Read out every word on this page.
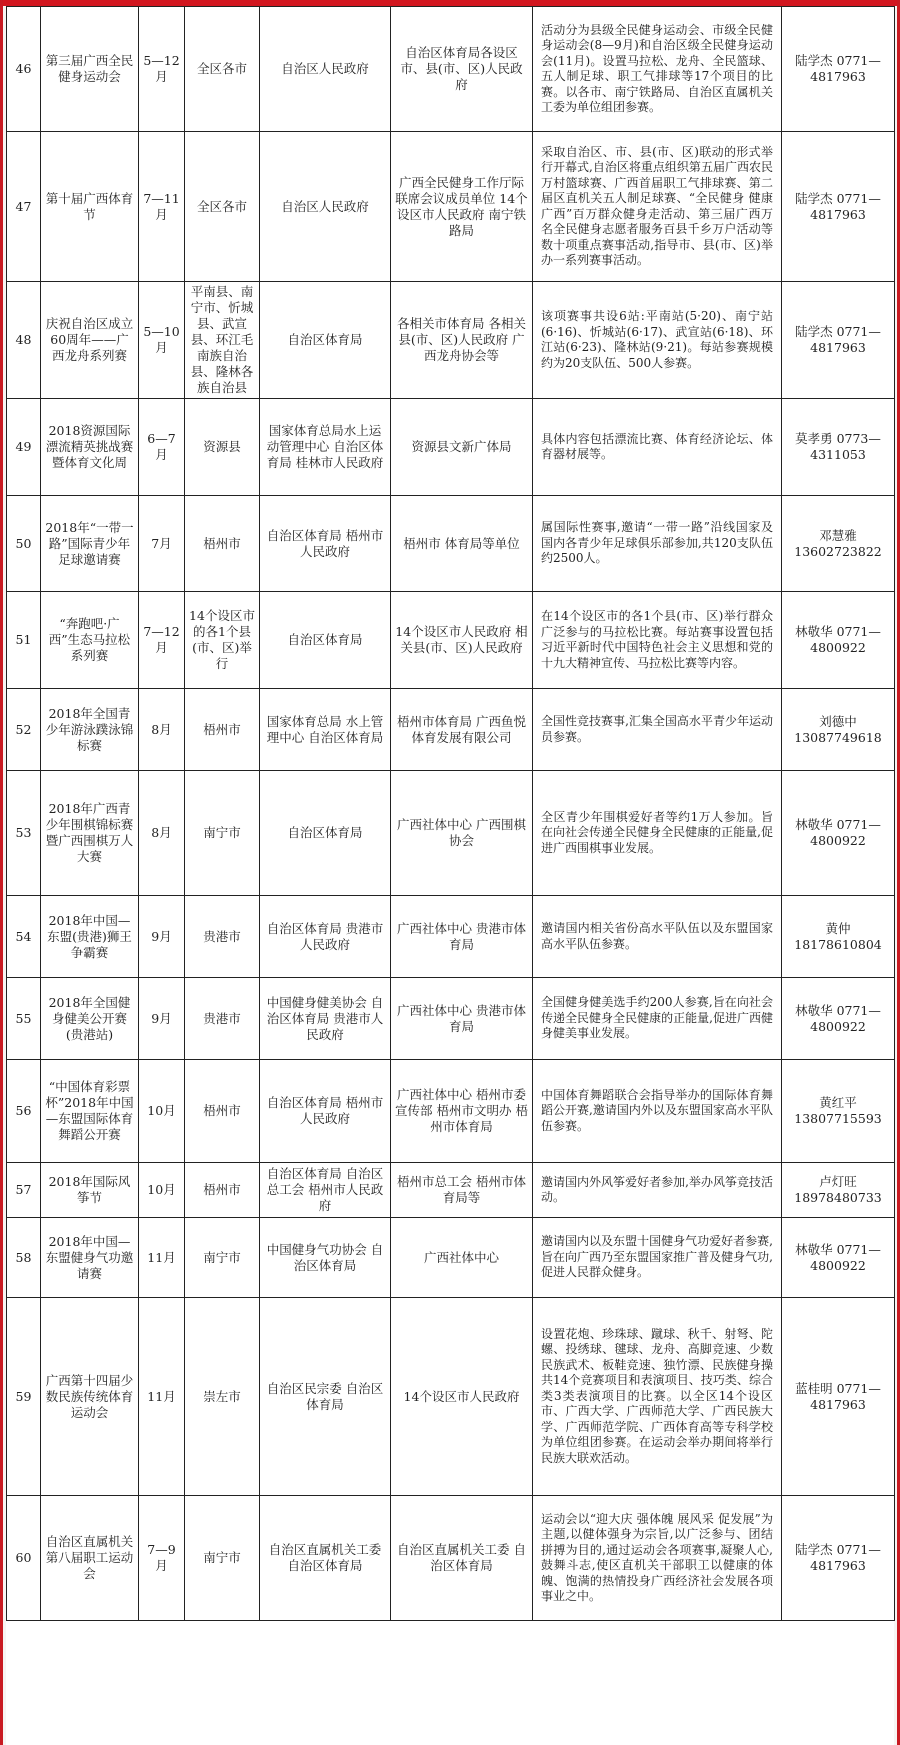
46	第三届广西全民健身运动会	5—12月	全区各市	自治区人民政府	自治区体育局各设区市、县(市、区)人民政府	活动分为县级全民健身运动会、市级全民健身运动会(8—9月)和自治区级全民健身运动会(11月)。设置马拉松、龙舟、全民篮球、五人制足球、职工气排球等17个项目的比赛。以各市、南宁铁路局、自治区直属机关工委为单位组团参赛。	陆学杰 0771—4817963
47	第十届广西体育节	7—11月	全区各市	自治区人民政府	广西全民健身工作厅际联席会议成员单位 14个设区市人民政府 南宁铁路局	采取自治区、市、县(市、区)联动的形式举行开幕式,自治区将重点组织第五届广西农民万村篮球赛、广西首届职工气排球赛、第二届区直机关五人制足球赛、“全民健身 健康广西”百万群众健身走活动、第三届广西万名全民健身志愿者服务百县千乡万户活动等数十项重点赛事活动,指导市、县(市、区)举办一系列赛事活动。	陆学杰 0771—4817963
48	庆祝自治区成立60周年——广西龙舟系列赛	5—10月	平南县、南宁市、忻城县、武宣县、环江毛南族自治县、隆林各族自治县	自治区体育局	各相关市体育局 各相关县(市、区)人民政府 广西龙舟协会等	该项赛事共设6站:平南站(5·20)、南宁站(6·16)、忻城站(6·17)、武宣站(6·18)、环江站(6·23)、隆林站(9·21)。每站参赛规模约为20支队伍、500人参赛。	陆学杰 0771—4817963
49	2018资源国际漂流精英挑战赛暨体育文化周	6—7月	资源县	国家体育总局水上运动管理中心 自治区体育局 桂林市人民政府	资源县文新广体局	具体内容包括漂流比赛、体育经济论坛、体育器材展等。	莫孝勇 0773—4311053
50	2018年“一带一路”国际青少年足球邀请赛	7月	梧州市	自治区体育局 梧州市人民政府	梧州市 体育局等单位	属国际性赛事,邀请“一带一路”沿线国家及国内各青少年足球俱乐部参加,共120支队伍约2500人。	邓慧雅 13602723822
51	“奔跑吧·广西”生态马拉松系列赛	7—12月	14个设区市的各1个县(市、区)举行	自治区体育局	14个设区市人民政府 相关县(市、区)人民政府	在14个设区市的各1个县(市、区)举行群众广泛参与的马拉松比赛。每站赛事设置包括习近平新时代中国特色社会主义思想和党的十九大精神宣传、马拉松比赛等内容。	林敬华 0771—4800922
52	2018年全国青少年游泳蹼泳锦标赛	8月	梧州市	国家体育总局 水上管理中心 自治区体育局	梧州市体育局 广西鱼悦体育发展有限公司	全国性竞技赛事,汇集全国高水平青少年运动员参赛。	刘德中 13087749618
53	2018年广西青少年围棋锦标赛暨广西围棋万人大赛	8月	南宁市	自治区体育局	广西社体中心 广西围棋协会	全区青少年围棋爱好者等约1万人参加。旨在向社会传递全民健身全民健康的正能量,促进广西围棋事业发展。	林敬华 0771—4800922
54	2018年中国—东盟(贵港)狮王争霸赛	9月	贵港市	自治区体育局 贵港市人民政府	广西社体中心 贵港市体育局	邀请国内相关省份高水平队伍以及东盟国家高水平队伍参赛。	黄仲 18178610804
55	2018年全国健身健美公开赛(贵港站)	9月	贵港市	中国健身健美协会 自治区体育局 贵港市人民政府	广西社体中心 贵港市体育局	全国健身健美选手约200人参赛,旨在向社会传递全民健身全民健康的正能量,促进广西健身健美事业发展。	林敬华 0771—4800922
56	“中国体育彩票杯”2018年中国—东盟国际体育舞蹈公开赛	10月	梧州市	自治区体育局 梧州市人民政府	广西社体中心 梧州市委宣传部 梧州市文明办 梧州市体育局	中国体育舞蹈联合会指导举办的国际体育舞蹈公开赛,邀请国内外以及东盟国家高水平队伍参赛。	黄红平 13807715593
57	2018年国际风筝节	10月	梧州市	自治区体育局 自治区总工会 梧州市人民政府	梧州市总工会 梧州市体育局等	邀请国内外风筝爱好者参加,举办风筝竞技活动。	卢灯旺 18978480733
58	2018年中国—东盟健身气功邀请赛	11月	南宁市	中国健身气功协会 自治区体育局	广西社体中心	邀请国内以及东盟十国健身气功爱好者参赛,旨在向广西乃至东盟国家推广普及健身气功,促进人民群众健身。	林敬华 0771—4800922
59	广西第十四届少数民族传统体育运动会	11月	崇左市	自治区民宗委 自治区体育局	14个设区市人民政府	设置花炮、珍珠球、蹴球、秋千、射弩、陀螺、投绣球、毽球、龙舟、高脚竞速、少数民族武术、板鞋竞速、独竹漂、民族健身操共14个竞赛项目和表演项目、技巧类、综合类3类表演项目的比赛。以全区14个设区市、广西大学、广西师范大学、广西民族大学、广西师范学院、广西体育高等专科学校为单位组团参赛。在运动会举办期间将举行民族大联欢活动。	蓝桂明 0771—4817963
60	自治区直属机关第八届职工运动会	7—9月	南宁市	自治区直属机关工委 自治区体育局	自治区直属机关工委 自治区体育局	运动会以“迎大庆 强体魄 展风采 促发展”为主题,以健体强身为宗旨,以广泛参与、团结拼搏为目的,通过运动会各项赛事,凝聚人心,鼓舞斗志,使区直机关干部职工以健康的体魄、饱满的热情投身广西经济社会发展各项事业之中。	陆学杰 0771—4817963
